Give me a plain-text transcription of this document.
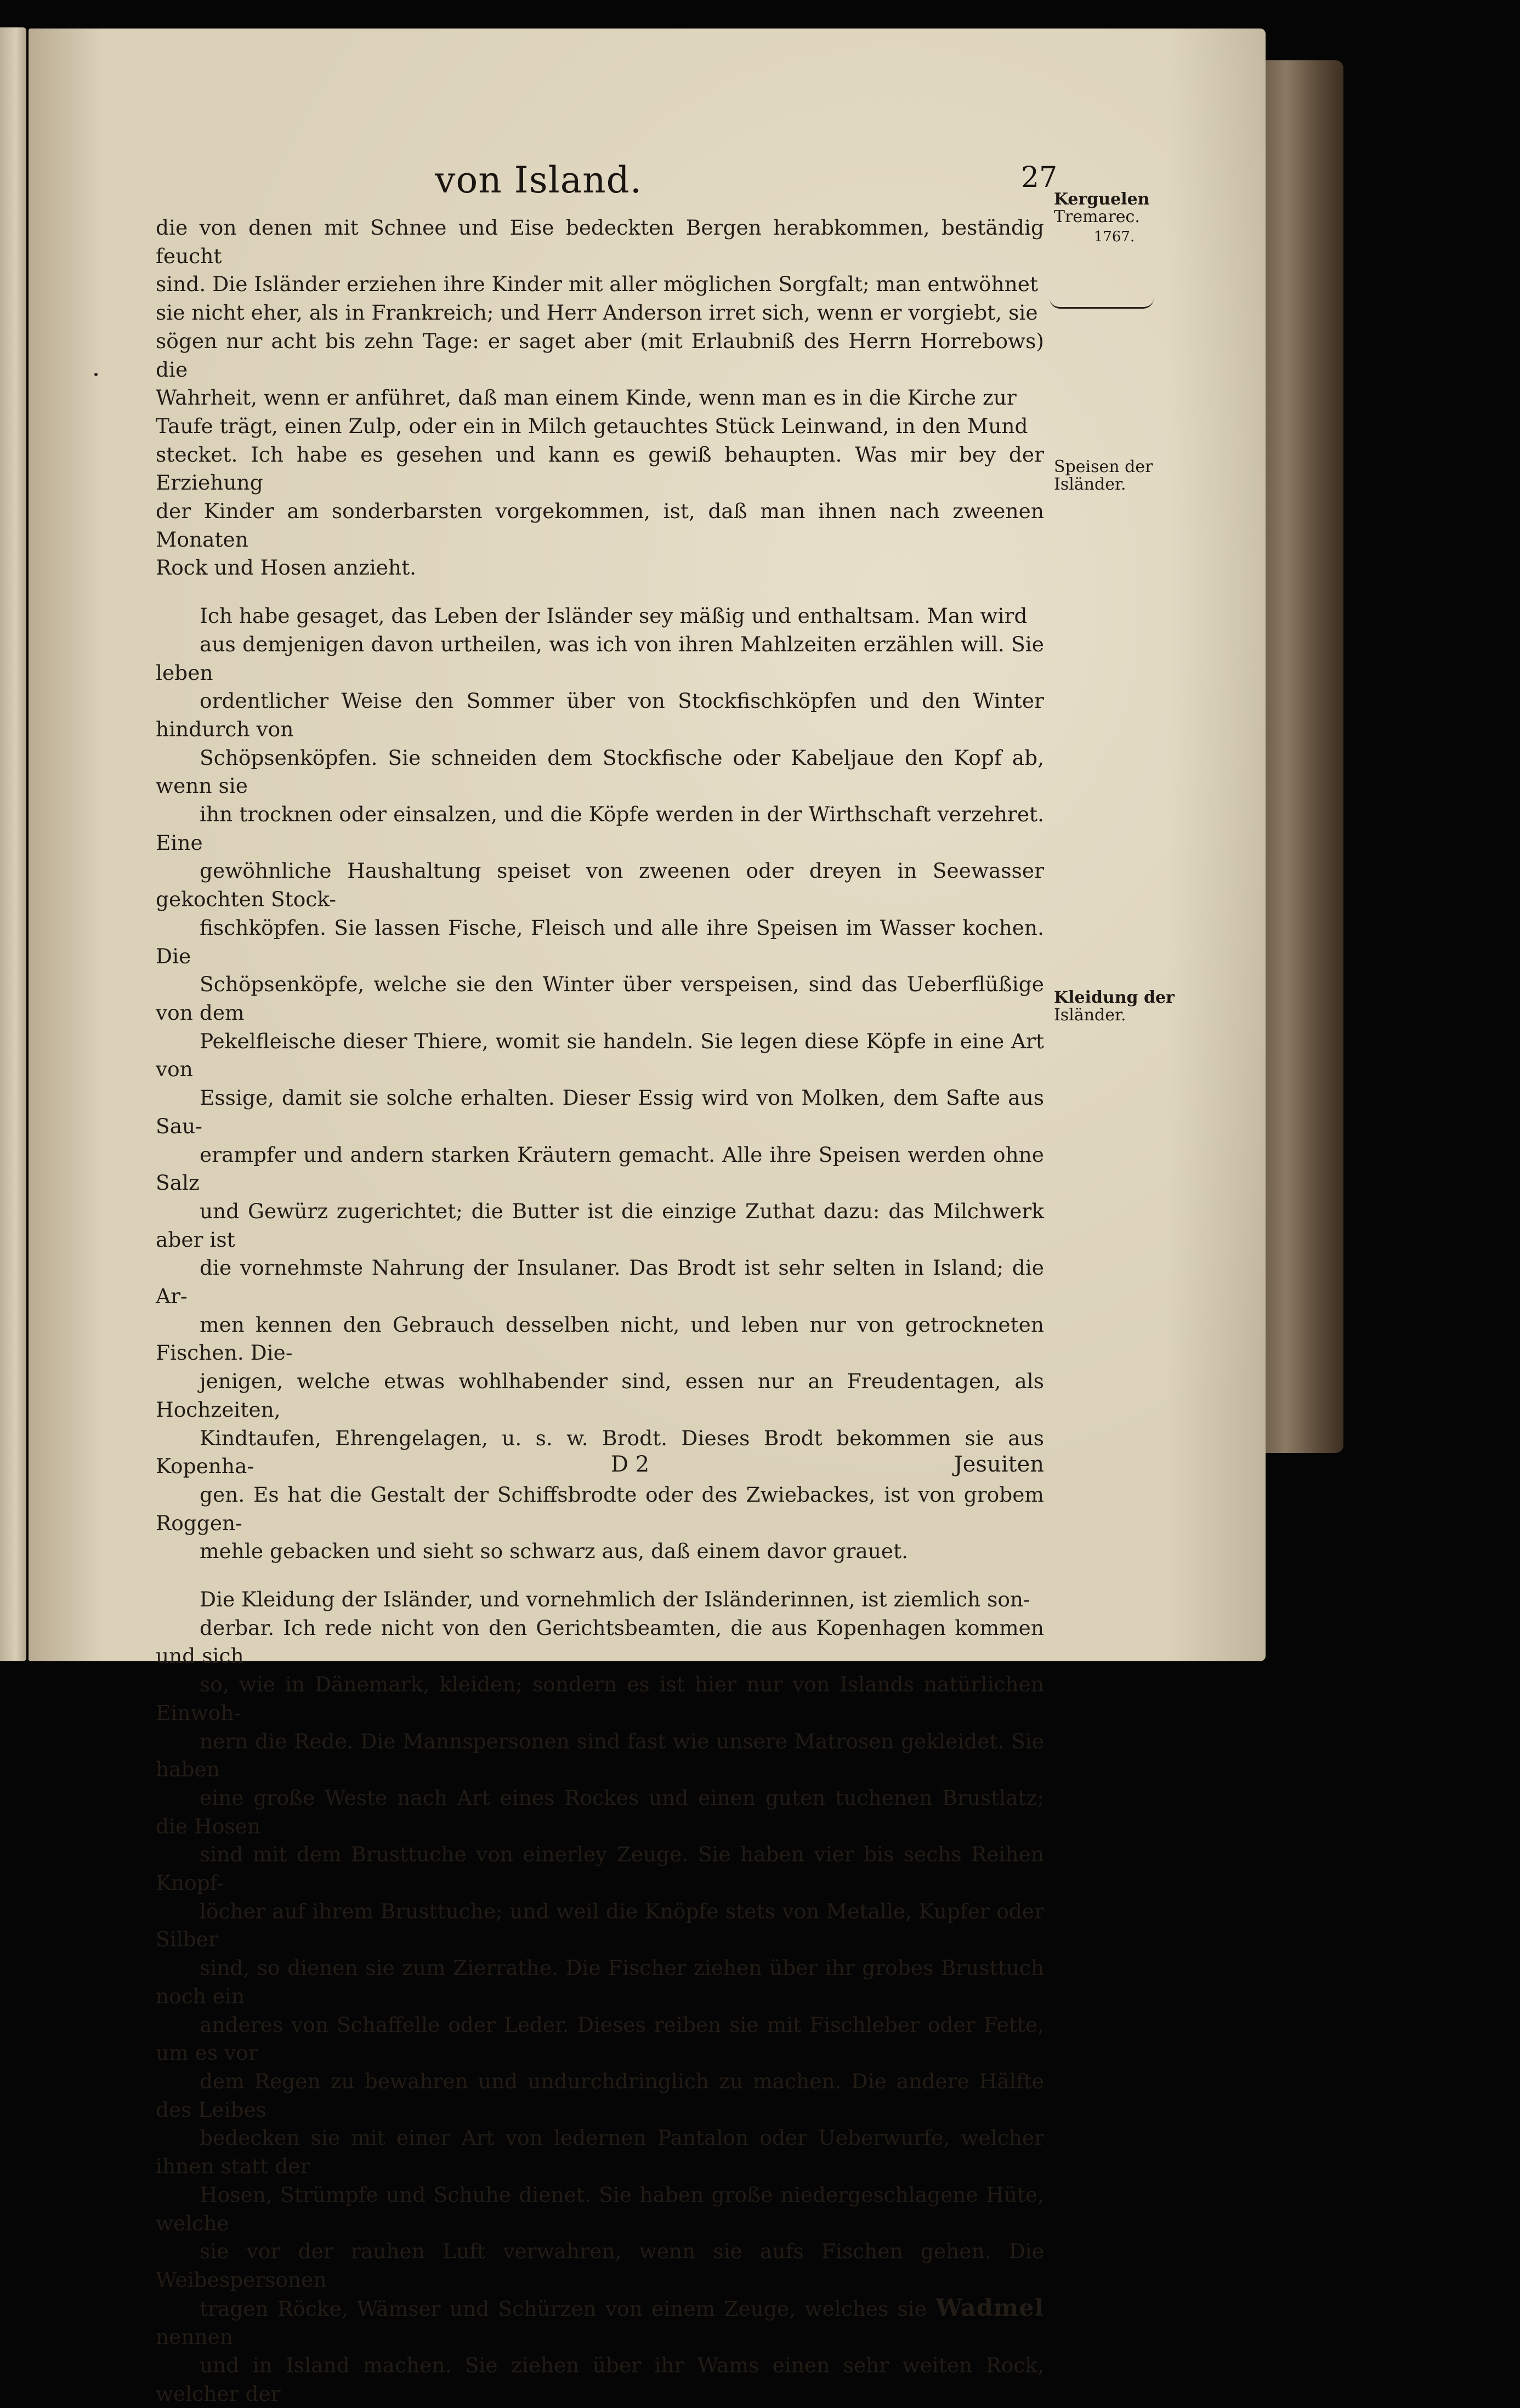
von Island.	27
die von denen mit Schnee und Eise bedeckten Bergen herabkommen, beständig feucht
sind. Die Isländer erziehen ihre Kinder mit aller möglichen Sorgfalt; man entwöhnet
sie nicht eher, als in Frankreich; und Herr Anderson irret sich, wenn er vorgiebt, sie
sögen nur acht bis zehn Tage: er saget aber (mit Erlaubniß des Herrn Horrebows) die
Wahrheit, wenn er anführet, daß man einem Kinde, wenn man es in die Kirche zur
Taufe trägt, einen Zulp, oder ein in Milch getauchtes Stück Leinwand, in den Mund
stecket. Ich habe es gesehen und kann es gewiß behaupten. Was mir bey der Erziehung
der Kinder am sonderbarsten vorgekommen, ist, daß man ihnen nach zweenen Monaten
Rock und Hosen anzieht.
Ich habe gesaget, das Leben der Isländer sey mäßig und enthaltsam. Man wird
aus demjenigen davon urtheilen, was ich von ihren Mahlzeiten erzählen will. Sie leben
ordentlicher Weise den Sommer über von Stockfischköpfen und den Winter hindurch von
Schöpsenköpfen. Sie schneiden dem Stockfische oder Kabeljaue den Kopf ab, wenn sie
ihn trocknen oder einsalzen, und die Köpfe werden in der Wirthschaft verzehret. Eine
gewöhnliche Haushaltung speiset von zweenen oder dreyen in Seewasser gekochten Stock-
fischköpfen. Sie lassen Fische, Fleisch und alle ihre Speisen im Wasser kochen. Die
Schöpsenköpfe, welche sie den Winter über verspeisen, sind das Ueberflüßige von dem
Pekelfleische dieser Thiere, womit sie handeln. Sie legen diese Köpfe in eine Art von
Essige, damit sie solche erhalten. Dieser Essig wird von Molken, dem Safte aus Sau-
erampfer und andern starken Kräutern gemacht. Alle ihre Speisen werden ohne Salz
und Gewürz zugerichtet; die Butter ist die einzige Zuthat dazu: das Milchwerk aber ist
die vornehmste Nahrung der Insulaner. Das Brodt ist sehr selten in Island; die Ar-
men kennen den Gebrauch desselben nicht, und leben nur von getrockneten Fischen. Die-
jenigen, welche etwas wohlhabender sind, essen nur an Freudentagen, als Hochzeiten,
Kindtaufen, Ehrengelagen, u. s. w. Brodt. Dieses Brodt bekommen sie aus Kopenha-
gen. Es hat die Gestalt der Schiffsbrodte oder des Zwiebackes, ist von grobem Roggen-
mehle gebacken und sieht so schwarz aus, daß einem davor grauet.
Die Kleidung der Isländer, und vornehmlich der Isländerinnen, ist ziemlich son-
derbar. Ich rede nicht von den Gerichtsbeamten, die aus Kopenhagen kommen und sich
so, wie in Dänemark, kleiden; sondern es ist hier nur von Islands natürlichen Einwoh-
nern die Rede. Die Mannspersonen sind fast wie unsere Matrosen gekleidet. Sie haben
eine große Weste nach Art eines Rockes und einen guten tuchenen Brustlatz; die Hosen
sind mit dem Brusttuche von einerley Zeuge. Sie haben vier bis sechs Reihen Knopf-
löcher auf ihrem Brusttuche; und weil die Knöpfe stets von Metalle, Kupfer oder Silber
sind, so dienen sie zum Zierrathe. Die Fischer ziehen über ihr grobes Brusttuch noch ein
anderes von Schaffelle oder Leder. Dieses reiben sie mit Fischleber oder Fette, um es vor
dem Regen zu bewahren und undurchdringlich zu machen. Die andere Hälfte des Leibes
bedecken sie mit einer Art von ledernen Pantalon oder Ueberwurfe, welcher ihnen statt der
Hosen, Strümpfe und Schuhe dienet. Sie haben große niedergeschlagene Hüte, welche
sie vor der rauhen Luft verwahren, wenn sie aufs Fischen gehen. Die Weibespersonen
tragen Röcke, Wämser und Schürzen von einem Zeuge, welches sie Wadmel nennen
und in Island machen. Sie ziehen über ihr Wams einen sehr weiten Rock, welcher der
Kerguelen
Tremarec.
1767.
Speisen der
Isländer.
Kleidung der
Isländer.
D 2	Jesuiten
